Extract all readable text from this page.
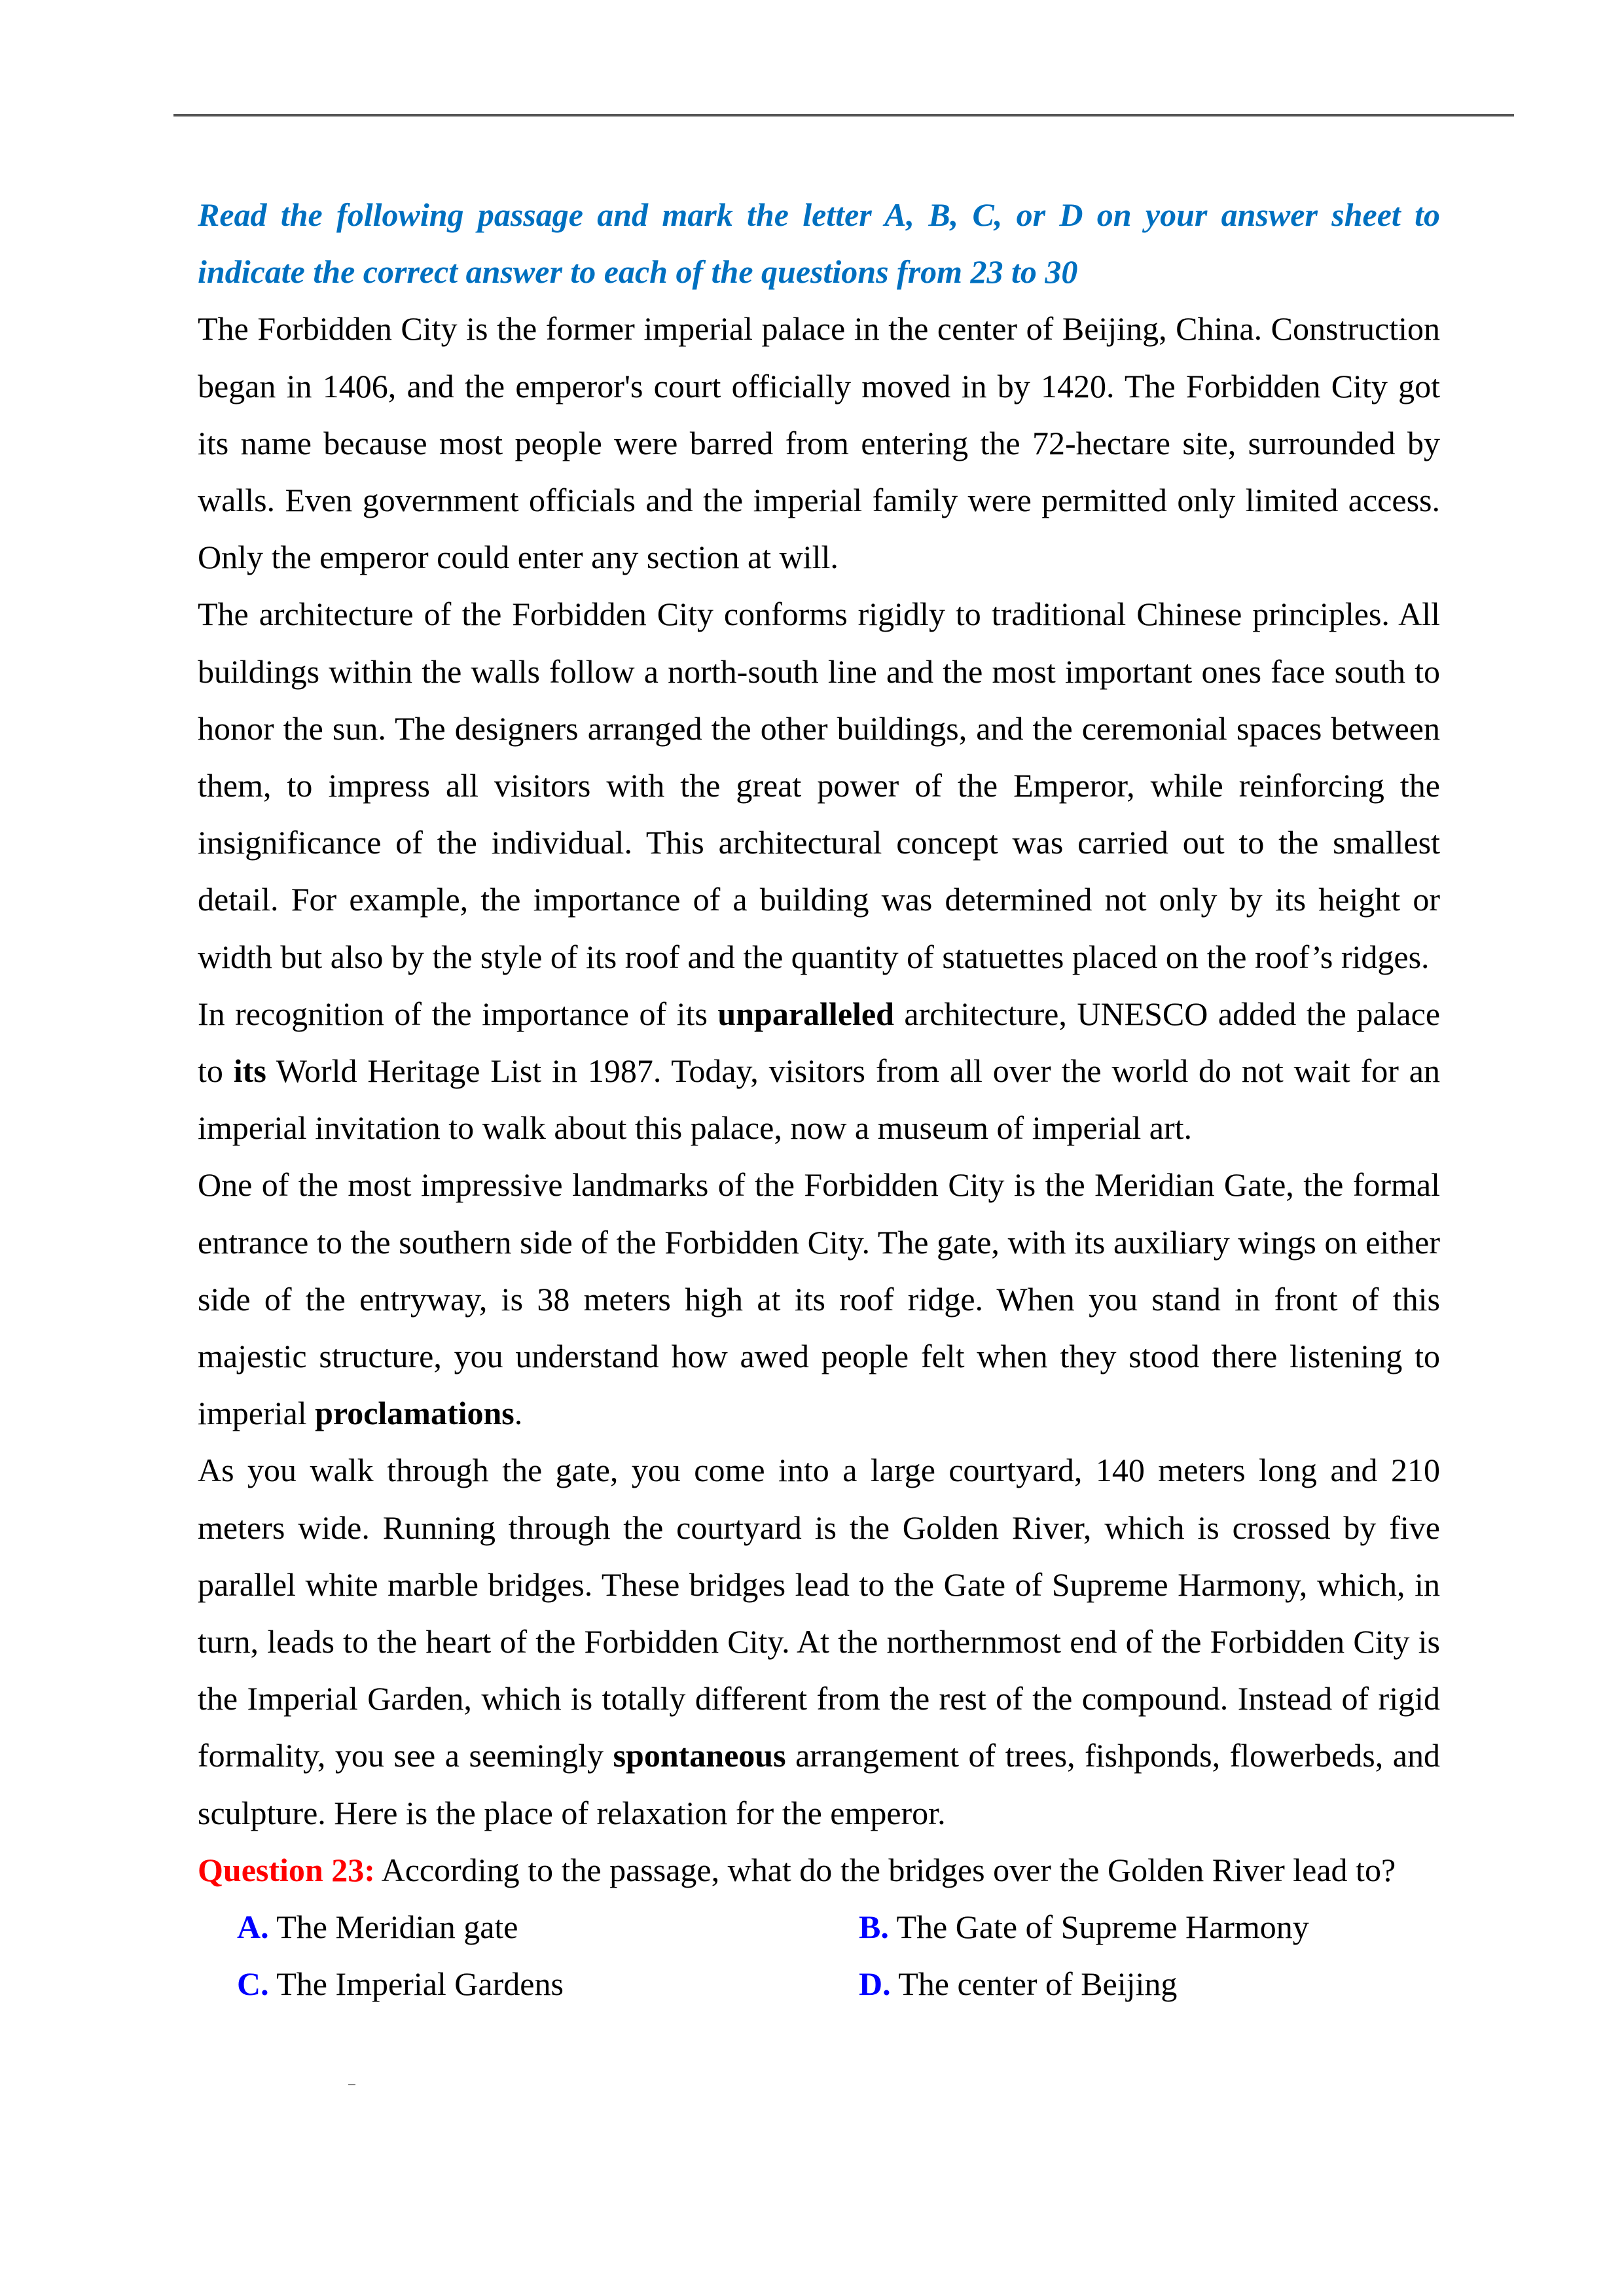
Read the following passage and mark the letter A, B, C, or D on your answer sheet to indicate the correct answer to each of the questions from 23 to 30

The Forbidden City is the former imperial palace in the center of Beijing, China. Construction began in 1406, and the emperor's court officially moved in by 1420. The Forbidden City got its name because most people were barred from entering the 72-hectare site, surrounded by walls. Even government officials and the imperial family were permitted only limited access. Only the emperor could enter any section at will.

The architecture of the Forbidden City conforms rigidly to traditional Chinese principles. All buildings within the walls follow a north-south line and the most important ones face south to honor the sun. The designers arranged the other buildings, and the ceremonial spaces between them, to impress all visitors with the great power of the Emperor, while reinforcing the insignificance of the individual. This architectural concept was carried out to the smallest detail. For example, the importance of a building was determined not only by its height or width but also by the style of its roof and the quantity of statuettes placed on the roof’s ridges.

In recognition of the importance of its unparalleled architecture, UNESCO added the palace to its World Heritage List in 1987. Today, visitors from all over the world do not wait for an imperial invitation to walk about this palace, now a museum of imperial art.

One of the most impressive landmarks of the Forbidden City is the Meridian Gate, the formal entrance to the southern side of the Forbidden City. The gate, with its auxiliary wings on either side of the entryway, is 38 meters high at its roof ridge. When you stand in front of this majestic structure, you understand how awed people felt when they stood there listening to imperial proclamations.

As you walk through the gate, you come into a large courtyard, 140 meters long and 210 meters wide. Running through the courtyard is the Golden River, which is crossed by five parallel white marble bridges. These bridges lead to the Gate of Supreme Harmony, which, in turn, leads to the heart of the Forbidden City. At the northernmost end of the Forbidden City is the Imperial Garden, which is totally different from the rest of the compound. Instead of rigid formality, you see a seemingly spontaneous arrangement of trees, fishponds, flowerbeds, and sculpture. Here is the place of relaxation for the emperor.

Question 23: According to the passage, what do the bridges over the Golden River lead to?

A. The Meridian gate	B. The Gate of Supreme Harmony
C. The Imperial Gardens	D. The center of Beijing
